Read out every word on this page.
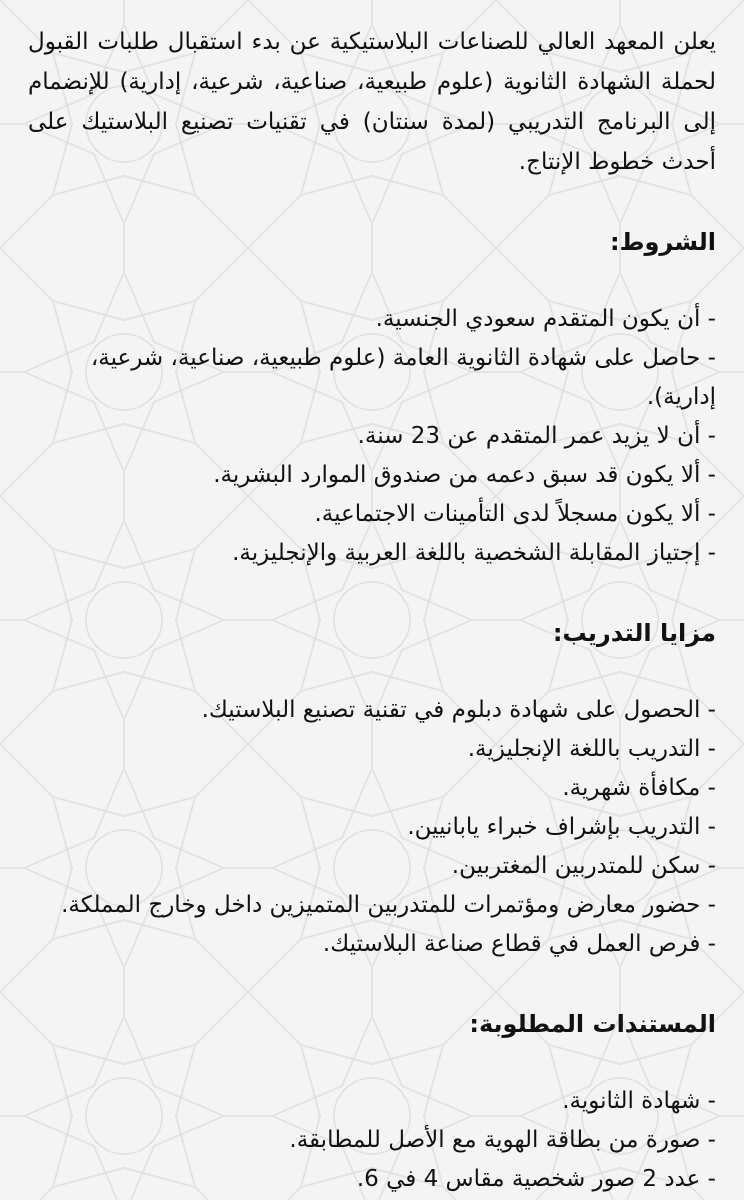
يعلن المعهد العالي للصناعات البلاستيكية عن بدء استقبال طلبات القبول لحملة الشهادة الثانوية (علوم طبيعية، صناعية، شرعية، إدارية) للإنضمام إلى البرنامج التدريبي (لمدة سنتان) في تقنيات تصنيع البلاستيك على أحدث خطوط الإنتاج.

الشروط:
- أن يكون المتقدم سعودي الجنسية.
- حاصل على شهادة الثانوية العامة (علوم طبيعية، صناعية، شرعية، إدارية).
- أن لا يزيد عمر المتقدم عن 23 سنة.
- ألا يكون قد سبق دعمه من صندوق الموارد البشرية.
- ألا يكون مسجلاً لدى التأمينات الاجتماعية.
- إجتياز المقابلة الشخصية باللغة العربية والإنجليزية.
مزايا التدريب:
- الحصول على شهادة دبلوم في تقنية تصنيع البلاستيك.
- التدريب باللغة الإنجليزية.
- مكافأة شهرية.
- التدريب بإشراف خبراء يابانيين.
- سكن للمتدربين المغتربين.
- حضور معارض ومؤتمرات للمتدربين المتميزين داخل وخارج المملكة.
- فرص العمل في قطاع صناعة البلاستيك.
المستندات المطلوبة:
- شهادة الثانوية.
- صورة من بطاقة الهوية مع الأصل للمطابقة.
- عدد 2 صور شخصية مقاس 4 في 6.
